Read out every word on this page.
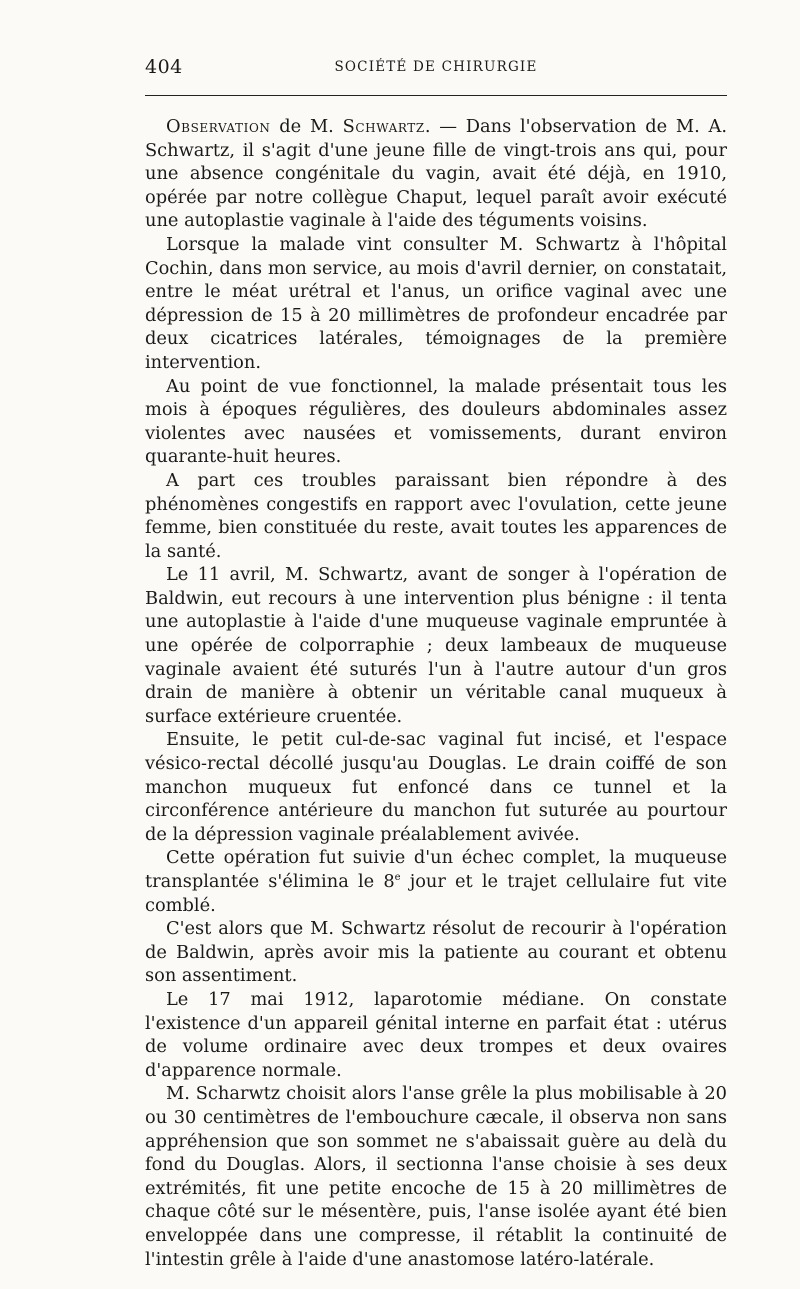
404	SOCIÉTÉ DE CHIRURGIE

Observation de M. Schwartz. — Dans l'observation de M. A. Schwartz, il s'agit d'une jeune fille de vingt-trois ans qui, pour une absence congénitale du vagin, avait été déjà, en 1910, opérée par notre collègue Chaput, lequel paraît avoir exécuté une autoplastie vaginale à l'aide des téguments voisins.

Lorsque la malade vint consulter M. Schwartz à l'hôpital Cochin, dans mon service, au mois d'avril dernier, on constatait, entre le méat urétral et l'anus, un orifice vaginal avec une dépression de 15 à 20 millimètres de profondeur encadrée par deux cicatrices latérales, témoignages de la première intervention.

Au point de vue fonctionnel, la malade présentait tous les mois à époques régulières, des douleurs abdominales assez violentes avec nausées et vomissements, durant environ quarante-huit heures.

A part ces troubles paraissant bien répondre à des phénomènes congestifs en rapport avec l'ovulation, cette jeune femme, bien constituée du reste, avait toutes les apparences de la santé.

Le 11 avril, M. Schwartz, avant de songer à l'opération de Baldwin, eut recours à une intervention plus bénigne : il tenta une autoplastie à l'aide d'une muqueuse vaginale empruntée à une opérée de colporraphie ; deux lambeaux de muqueuse vaginale avaient été suturés l'un à l'autre autour d'un gros drain de manière à obtenir un véritable canal muqueux à surface extérieure cruentée.

Ensuite, le petit cul-de-sac vaginal fut incisé, et l'espace vésico-rectal décollé jusqu'au Douglas. Le drain coiffé de son manchon muqueux fut enfoncé dans ce tunnel et la circonférence antérieure du manchon fut suturée au pourtour de la dépression vaginale préalablement avivée.

Cette opération fut suivie d'un échec complet, la muqueuse transplantée s'élimina le 8e jour et le trajet cellulaire fut vite comblé.

C'est alors que M. Schwartz résolut de recourir à l'opération de Baldwin, après avoir mis la patiente au courant et obtenu son assentiment.

Le 17 mai 1912, laparotomie médiane. On constate l'existence d'un appareil génital interne en parfait état : utérus de volume ordinaire avec deux trompes et deux ovaires d'apparence normale.

M. Scharwtz choisit alors l'anse grêle la plus mobilisable à 20 ou 30 centimètres de l'embouchure cæcale, il observa non sans appréhension que son sommet ne s'abaissait guère au delà du fond du Douglas. Alors, il sectionna l'anse choisie à ses deux extrémités, fit une petite encoche de 15 à 20 millimètres de chaque côté sur le mésentère, puis, l'anse isolée ayant été bien enveloppée dans une compresse, il rétablit la continuité de l'intestin grêle à l'aide d'une anastomose latéro-latérale.
